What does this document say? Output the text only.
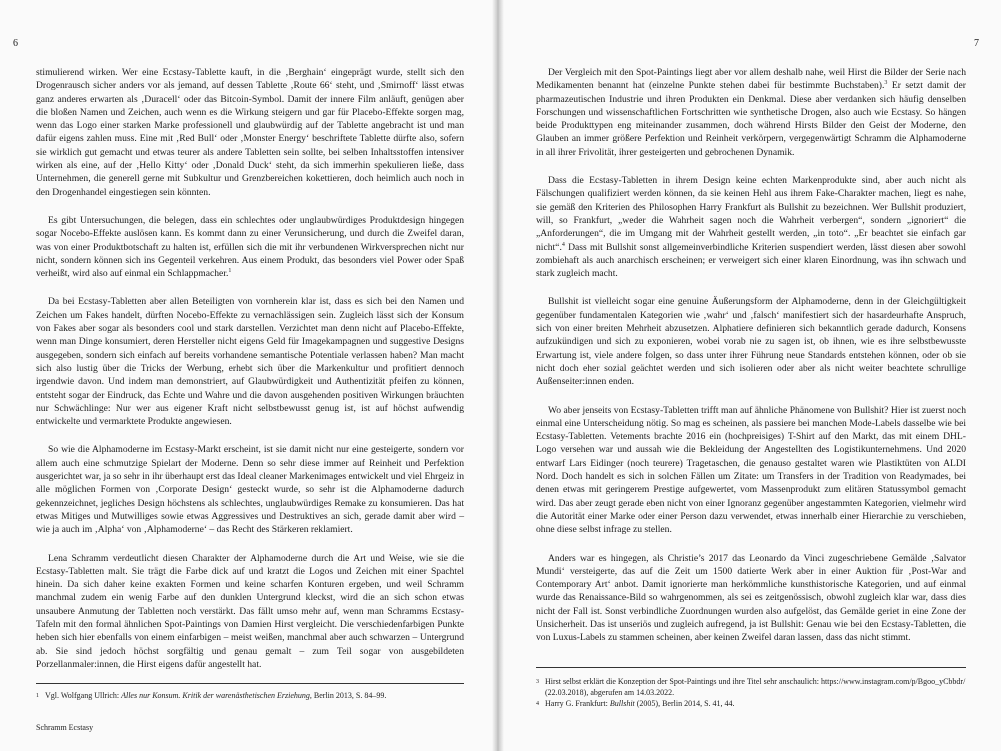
6

stimulierend wirken. Wer eine Ecstasy-Tablette kauft, in die ‚Berghain‘ eingeprägt wurde, stellt sich den Drogenrausch sicher anders vor als jemand, auf dessen Tablette ‚Route 66‘ steht, und ‚Smirnoff‘ lässt etwas ganz anderes erwarten als ‚Duracell‘ oder das Bitcoin-Symbol. Damit der innere Film anläuft, genügen aber die bloßen Namen und Zeichen, auch wenn es die Wirkung steigern und gar für Placebo-Effekte sorgen mag, wenn das Logo einer starken Marke professionell und glaubwürdig auf der Tablette angebracht ist und man dafür eigens zahlen muss. Eine mit ‚Red Bull‘ oder ‚Monster Energy‘ beschriftete Tablette dürfte also, sofern sie wirklich gut gemacht und etwas teurer als andere Tabletten sein sollte, bei selben Inhaltsstoffen intensiver wirken als eine, auf der ‚Hello Kitty‘ oder ‚Donald Duck‘ steht, da sich immerhin spekulieren ließe, dass Unternehmen, die generell gerne mit Subkultur und Grenzbereichen kokettieren, doch heimlich auch noch in den Drogenhandel eingestiegen sein könnten.

Es gibt Untersuchungen, die belegen, dass ein schlechtes oder unglaubwürdiges Produktdesign hingegen sogar Nocebo-Effekte auslösen kann. Es kommt dann zu einer Verunsicherung, und durch die Zweifel daran, was von einer Produktbotschaft zu halten ist, erfüllen sich die mit ihr verbundenen Wirkversprechen nicht nur nicht, sondern können sich ins Gegenteil verkehren. Aus einem Produkt, das besonders viel Power oder Spaß verheißt, wird also auf einmal ein Schlappmacher.$^1$

Da bei Ecstasy-Tabletten aber allen Beteiligten von vornherein klar ist, dass es sich bei den Namen und Zeichen um Fakes handelt, dürften Nocebo-Effekte zu vernachlässigen sein. Zugleich lässt sich der Konsum von Fakes aber sogar als besonders cool und stark darstellen. Verzichtet man denn nicht auf Placebo-Effekte, wenn man Dinge konsumiert, deren Hersteller nicht eigens Geld für Imagekampagnen und suggestive Designs ausgegeben, sondern sich einfach auf bereits vorhandene semantische Potentiale verlassen haben? Man macht sich also lustig über die Tricks der Werbung, erhebt sich über die Markenkultur und profitiert dennoch irgendwie davon. Und indem man demonstriert, auf Glaubwürdigkeit und Authentizität pfeifen zu können, entsteht sogar der Eindruck, das Echte und Wahre und die davon ausgehenden positiven Wirkungen bräuchten nur Schwächlinge: Nur wer aus eigener Kraft nicht selbstbewusst genug ist, ist auf höchst aufwendig entwickelte und vermarktete Produkte angewiesen.

So wie die Alphamoderne im Ecstasy-Markt erscheint, ist sie damit nicht nur eine gesteigerte, sondern vor allem auch eine schmutzige Spielart der Moderne. Denn so sehr diese immer auf Reinheit und Perfektion ausgerichtet war, ja so sehr in ihr überhaupt erst das Ideal cleaner Markenimages entwickelt und viel Ehrgeiz in alle möglichen Formen von ‚Corporate Design‘ gesteckt wurde, so sehr ist die Alphamoderne dadurch gekennzeichnet, jegliches Design höchstens als schlechtes, unglaubwürdiges Remake zu konsumieren. Das hat etwas Mitiges und Mutwilliges sowie etwas Aggressives und Destruktives an sich, gerade damit aber wird – wie ja auch im ‚Alpha‘ von ‚Alphamoderne‘ – das Recht des Stärkeren reklamiert.

Lena Schramm verdeutlicht diesen Charakter der Alphamoderne durch die Art und Weise, wie sie die Ecstasy-Tabletten malt. Sie trägt die Farbe dick auf und kratzt die Logos und Zeichen mit einer Spachtel hinein. Da sich daher keine exakten Formen und keine scharfen Konturen ergeben, und weil Schramm manchmal zudem ein wenig Farbe auf den dunklen Untergrund kleckst, wird die an sich schon etwas unsaubere Anmutung der Tabletten noch verstärkt. Das fällt umso mehr auf, wenn man Schramms Ecstasy-Tafeln mit den formal ähnlichen Spot-Paintings von Damien Hirst vergleicht. Die verschiedenfarbigen Punkte heben sich hier ebenfalls von einem einfarbigen – meist weißen, manchmal aber auch schwarzen – Untergrund ab. Sie sind jedoch höchst sorgfältig und genau gemalt – zum Teil sogar von ausgebildeten Porzellanmaler:innen, die Hirst eigens dafür angestellt hat.

1 Vgl. Wolfgang Ullrich: Alles nur Konsum. Kritik der warenästhetischen Erziehung, Berlin 2013, S. 84–99.
Schramm Ecstasy
7

Der Vergleich mit den Spot-Paintings liegt aber vor allem deshalb nahe, weil Hirst die Bilder der Serie nach Medikamenten benannt hat (einzelne Punkte stehen dabei für bestimmte Buchstaben).$^3$ Er setzt damit der pharmazeutischen Industrie und ihren Produkten ein Denkmal. Diese aber verdanken sich häufig denselben Forschungen und wissenschaftlichen Fortschritten wie synthetische Drogen, also auch wie Ecstasy. So hängen beide Produkttypen eng miteinander zusammen, doch während Hirsts Bilder den Geist der Moderne, den Glauben an immer größere Perfektion und Reinheit verkörpern, vergegenwärtigt Schramm die Alphamoderne in all ihrer Frivolität, ihrer gesteigerten und gebrochenen Dynamik.

Dass die Ecstasy-Tabletten in ihrem Design keine echten Markenprodukte sind, aber auch nicht als Fälschungen qualifiziert werden können, da sie keinen Hehl aus ihrem Fake-Charakter machen, liegt es nahe, sie gemäß den Kriterien des Philosophen Harry Frankfurt als Bullshit zu bezeichnen. Wer Bullshit produziert, will, so Frankfurt, „weder die Wahrheit sagen noch die Wahrheit verbergen“, sondern „ignoriert“ die „Anforderungen“, die im Umgang mit der Wahrheit gestellt werden, „in toto“. „Er beachtet sie einfach gar nicht“.$^4$ Dass mit Bullshit sonst allgemeinverbindliche Kriterien suspendiert werden, lässt diesen aber sowohl zombiehaft als auch anarchisch erscheinen; er verweigert sich einer klaren Einordnung, was ihn schwach und stark zugleich macht.

Bullshit ist vielleicht sogar eine genuine Äußerungsform der Alphamoderne, denn in der Gleichgültigkeit gegenüber fundamentalen Kategorien wie ‚wahr‘ und ‚falsch‘ manifestiert sich der hasardeurhafte Anspruch, sich von einer breiten Mehrheit abzusetzen. Alphatiere definieren sich bekanntlich gerade dadurch, Konsens aufzukündigen und sich zu exponieren, wobei vorab nie zu sagen ist, ob ihnen, wie es ihre selbstbewusste Erwartung ist, viele andere folgen, so dass unter ihrer Führung neue Standards entstehen können, oder ob sie nicht doch eher sozial geächtet werden und sich isolieren oder aber als nicht weiter beachtete schrullige Außenseiter:innen enden.

Wo aber jenseits von Ecstasy-Tabletten trifft man auf ähnliche Phänomene von Bullshit? Hier ist zuerst noch einmal eine Unterscheidung nötig. So mag es scheinen, als passiere bei manchen Mode-Labels dasselbe wie bei Ecstasy-Tabletten. Vetements brachte 2016 ein (hochpreisiges) T-Shirt auf den Markt, das mit einem DHL-Logo versehen war und aussah wie die Bekleidung der Angestellten des Logistikunternehmens. Und 2020 entwarf Lars Eidinger (noch teurere) Tragetaschen, die genauso gestaltet waren wie Plastiktüten von ALDI Nord. Doch handelt es sich in solchen Fällen um Zitate: um Transfers in der Tradition von Readymades, bei denen etwas mit geringerem Prestige aufgewertet, vom Massenprodukt zum elitären Statussymbol gemacht wird. Das aber zeugt gerade eben nicht von einer Ignoranz gegenüber angestammten Kategorien, vielmehr wird die Autorität einer Marke oder einer Person dazu verwendet, etwas innerhalb einer Hierarchie zu verschieben, ohne diese selbst infrage zu stellen.

Anders war es hingegen, als Christie’s 2017 das Leonardo da Vinci zugeschriebene Gemälde ‚Salvator Mundi‘ versteigerte, das auf die Zeit um 1500 datierte Werk aber in einer Auktion für ‚Post-War and Contemporary Art‘ anbot. Damit ignorierte man herkömmliche kunsthistorische Kategorien, und auf einmal wurde das Renaissance-Bild so wahrgenommen, als sei es zeitgenössisch, obwohl zugleich klar war, dass dies nicht der Fall ist. Sonst verbindliche Zuordnungen wurden also aufgelöst, das Gemälde geriet in eine Zone der Unsicherheit. Das ist unseriös und zugleich aufregend, ja ist Bullshit: Genau wie bei den Ecstasy-Tabletten, die von Luxus-Labels zu stammen scheinen, aber keinen Zweifel daran lassen, dass das nicht stimmt.

3 Hirst selbst erklärt die Konzeption der Spot-Paintings und ihre Titel sehr anschaulich: https://www.instagram.com/p/Bgoo_yCbbdr/ (22.03.2018), abgerufen am 14.03.2022.
4 Harry G. Frankfurt: Bullshit (2005), Berlin 2014, S. 41, 44.
